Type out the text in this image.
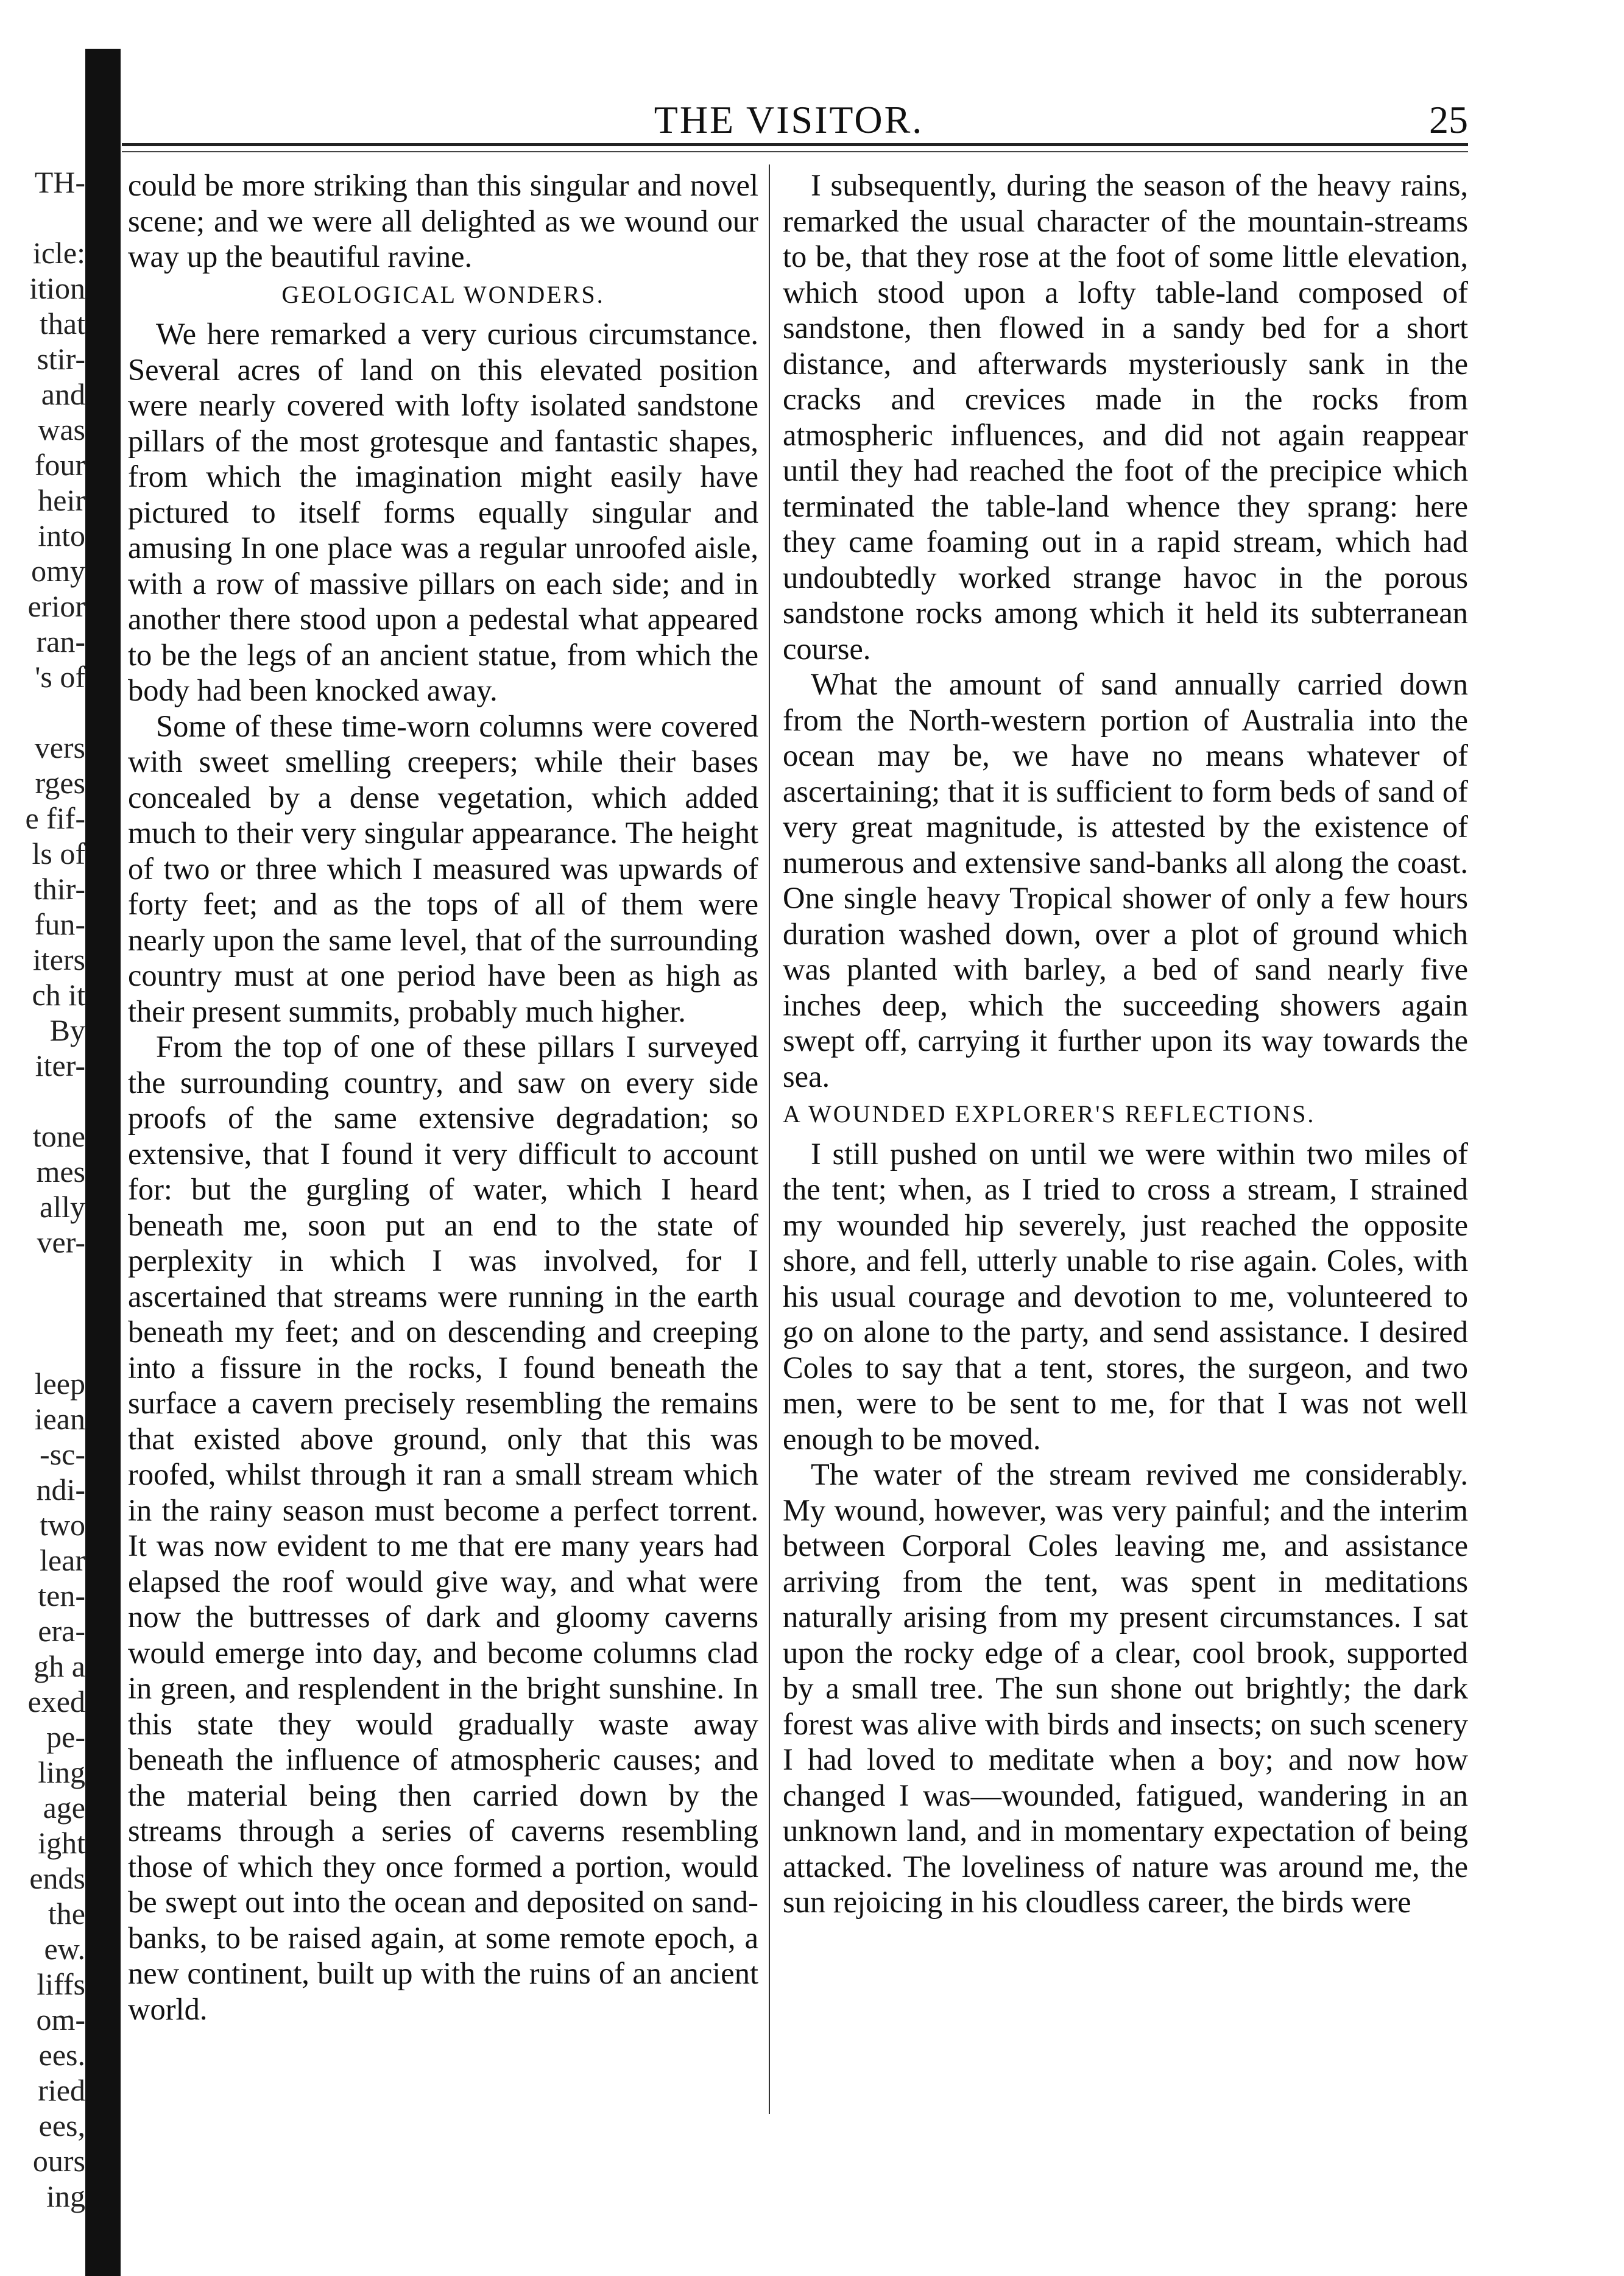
THE VISITOR.	25
TH-
icle:
ition
that
stir-
and
was
four
heir
into
omy
erior
ran-
's of
vers
rges
e fif-
ls of
thir-
fun-
iters
ch it
By
iter-
tone
mes
ally
ver-
leep
iean
-sc-
ndi-
two
lear
ten-
era-
gh a
exed
pe-
ling
age
ight
ends
the
ew.
liffs
om-
ees.
ried
ees,
ours
ing

could be more striking than this singular and novel scene; and we were all delighted as we wound our way up the beautiful ravine.

GEOLOGICAL WONDERS.

We here remarked a very curious circumstance. Several acres of land on this elevated position were nearly covered with lofty isolated sandstone pillars of the most grotesque and fantastic shapes, from which the imagination might easily have pictured to itself forms equally singular and amusing In one place was a regular unroofed aisle, with a row of massive pillars on each side; and in another there stood upon a pedestal what appeared to be the legs of an ancient statue, from which the body had been knocked away.

Some of these time-worn columns were covered with sweet smelling creepers; while their bases concealed by a dense vegetation, which added much to their very singular appearance. The height of two or three which I measured was upwards of forty feet; and as the tops of all of them were nearly upon the same level, that of the surrounding country must at one period have been as high as their present summits, probably much higher.

From the top of one of these pillars I surveyed the surrounding country, and saw on every side proofs of the same extensive degradation; so extensive, that I found it very difficult to account for: but the gurgling of water, which I heard beneath me, soon put an end to the state of perplexity in which I was involved, for I ascertained that streams were running in the earth beneath my feet; and on descending and creeping into a fissure in the rocks, I found beneath the surface a cavern precisely resembling the remains that existed above ground, only that this was roofed, whilst through it ran a small stream which in the rainy season must become a perfect torrent. It was now evident to me that ere many years had elapsed the roof would give way, and what were now the buttresses of dark and gloomy caverns would emerge into day, and become columns clad in green, and resplendent in the bright sunshine. In this state they would gradually waste away beneath the influence of atmospheric causes; and the material being then carried down by the streams through a series of caverns resembling those of which they once formed a portion, would be swept out into the ocean and deposited on sand-banks, to be raised again, at some remote epoch, a new continent, built up with the ruins of an ancient world.

I subsequently, during the season of the heavy rains, remarked the usual character of the mountain-streams to be, that they rose at the foot of some little elevation, which stood upon a lofty table-land composed of sandstone, then flowed in a sandy bed for a short distance, and afterwards mysteriously sank in the cracks and crevices made in the rocks from atmospheric influences, and did not again reappear until they had reached the foot of the precipice which terminated the table-land whence they sprang: here they came foaming out in a rapid stream, which had undoubtedly worked strange havoc in the porous sandstone rocks among which it held its subterranean course.

What the amount of sand annually carried down from the North-western portion of Australia into the ocean may be, we have no means whatever of ascertaining; that it is sufficient to form beds of sand of very great magnitude, is attested by the existence of numerous and extensive sand-banks all along the coast. One single heavy Tropical shower of only a few hours duration washed down, over a plot of ground which was planted with barley, a bed of sand nearly five inches deep, which the succeeding showers again swept off, carrying it further upon its way towards the sea.

A WOUNDED EXPLORER'S REFLECTIONS.

I still pushed on until we were within two miles of the tent; when, as I tried to cross a stream, I strained my wounded hip severely, just reached the opposite shore, and fell, utterly unable to rise again. Coles, with his usual courage and devotion to me, volunteered to go on alone to the party, and send assistance. I desired Coles to say that a tent, stores, the surgeon, and two men, were to be sent to me, for that I was not well enough to be moved.

The water of the stream revived me considerably. My wound, however, was very painful; and the interim between Corporal Coles leaving me, and assistance arriving from the tent, was spent in meditations naturally arising from my present circumstances. I sat upon the rocky edge of a clear, cool brook, supported by a small tree. The sun shone out brightly; the dark forest was alive with birds and insects; on such scenery I had loved to meditate when a boy; and now how changed I was—wounded, fatigued, wandering in an unknown land, and in momentary expectation of being attacked. The loveliness of nature was around me, the sun rejoicing in his cloudless career, the birds were
